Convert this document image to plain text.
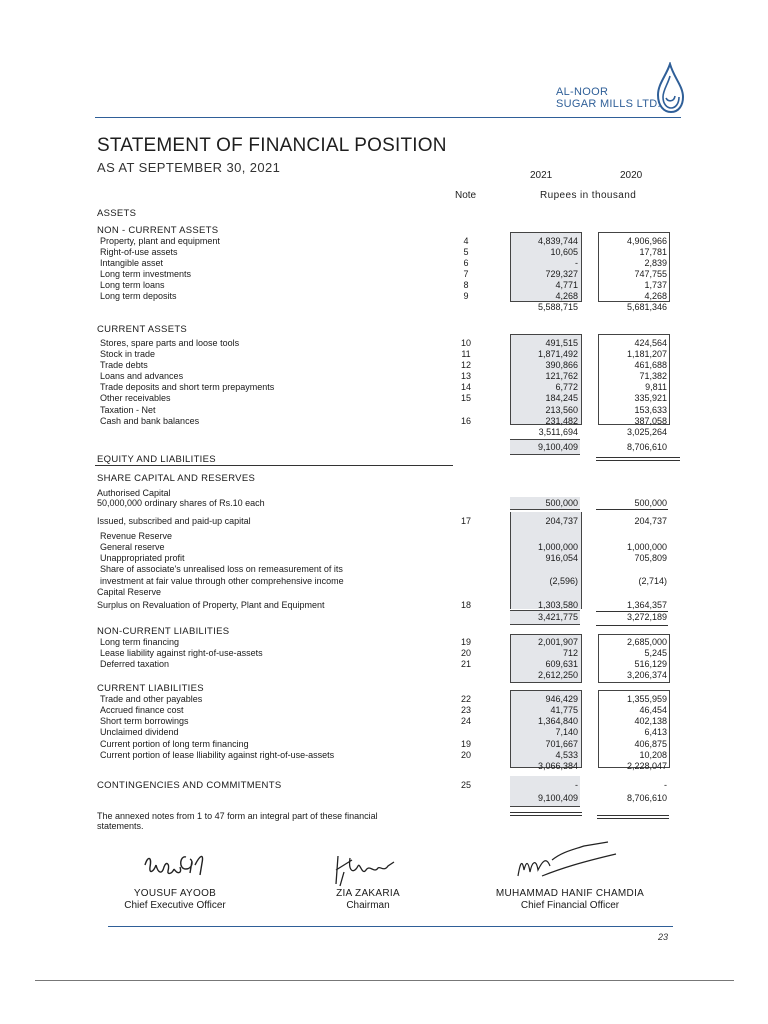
AL-NOOR
SUGAR MILLS LTD.
STATEMENT OF FINANCIAL POSITION
AS AT SEPTEMBER 30, 2021
2021	2020
Note	Rupees in thousand
ASSETS
NON - CURRENT ASSETS
Property, plant and equipment	4	4,839,744	4,906,966
Right-of-use assets	5	10,605	17,781
Intangible asset	6	-	2,839
Long term investments	7	729,327	747,755
Long term loans	8	4,771	1,737
Long term deposits	9	4,268	4,268
5,588,715	5,681,346
CURRENT ASSETS
Stores, spare parts and loose tools	10	491,515	424,564
Stock in trade	11	1,871,492	1,181,207
Trade debts	12	390,866	461,688
Loans and advances	13	121,762	71,382
Trade deposits and short term prepayments	14	6,772	9,811
Other receivables	15	184,245	335,921
Taxation - Net	213,560	153,633
Cash and bank balances	16	231,482	387,058
3,511,694	3,025,264
9,100,409	8,706,610
EQUITY AND LIABILITIES
SHARE CAPITAL AND RESERVES
Authorised Capital
50,000,000 ordinary shares of Rs.10 each	500,000	500,000
Issued, subscribed and paid-up capital	17	204,737	204,737
Revenue Reserve
General reserve	1,000,000	1,000,000
Unappropriated profit	916,054	705,809
Share of associate's unrealised loss on remeasurement of its
investment at fair value through other comprehensive income	(2,596)	(2,714)
Capital Reserve
Surplus on Revaluation of Property, Plant and Equipment	18	1,303,580	1,364,357
3,421,775	3,272,189
NON-CURRENT LIABILITIES
Long term financing	19	2,001,907	2,685,000
Lease liability against right-of-use-assets	20	712	5,245
Deferred taxation	21	609,631	516,129
2,612,250	3,206,374
CURRENT LIABILITIES
Trade and other payables	22	946,429	1,355,959
Accrued finance cost	23	41,775	46,454
Short term borrowings	24	1,364,840	402,138
Unclaimed dividend	7,140	6,413
Current portion of long term financing	19	701,667	406,875
Current portion of lease lliability against right-of-use-assets	20	4,533	10,208
3,066,384	2,228,047
CONTINGENCIES AND COMMITMENTS	25	-	-
9,100,409	8,706,610
The annexed notes from 1 to 47 form an integral part of these financial
statements.
YOUSUF AYOOB
Chief Executive Officer
ZIA ZAKARIA
Chairman
MUHAMMAD HANIF CHAMDIA
Chief Financial Officer
23
